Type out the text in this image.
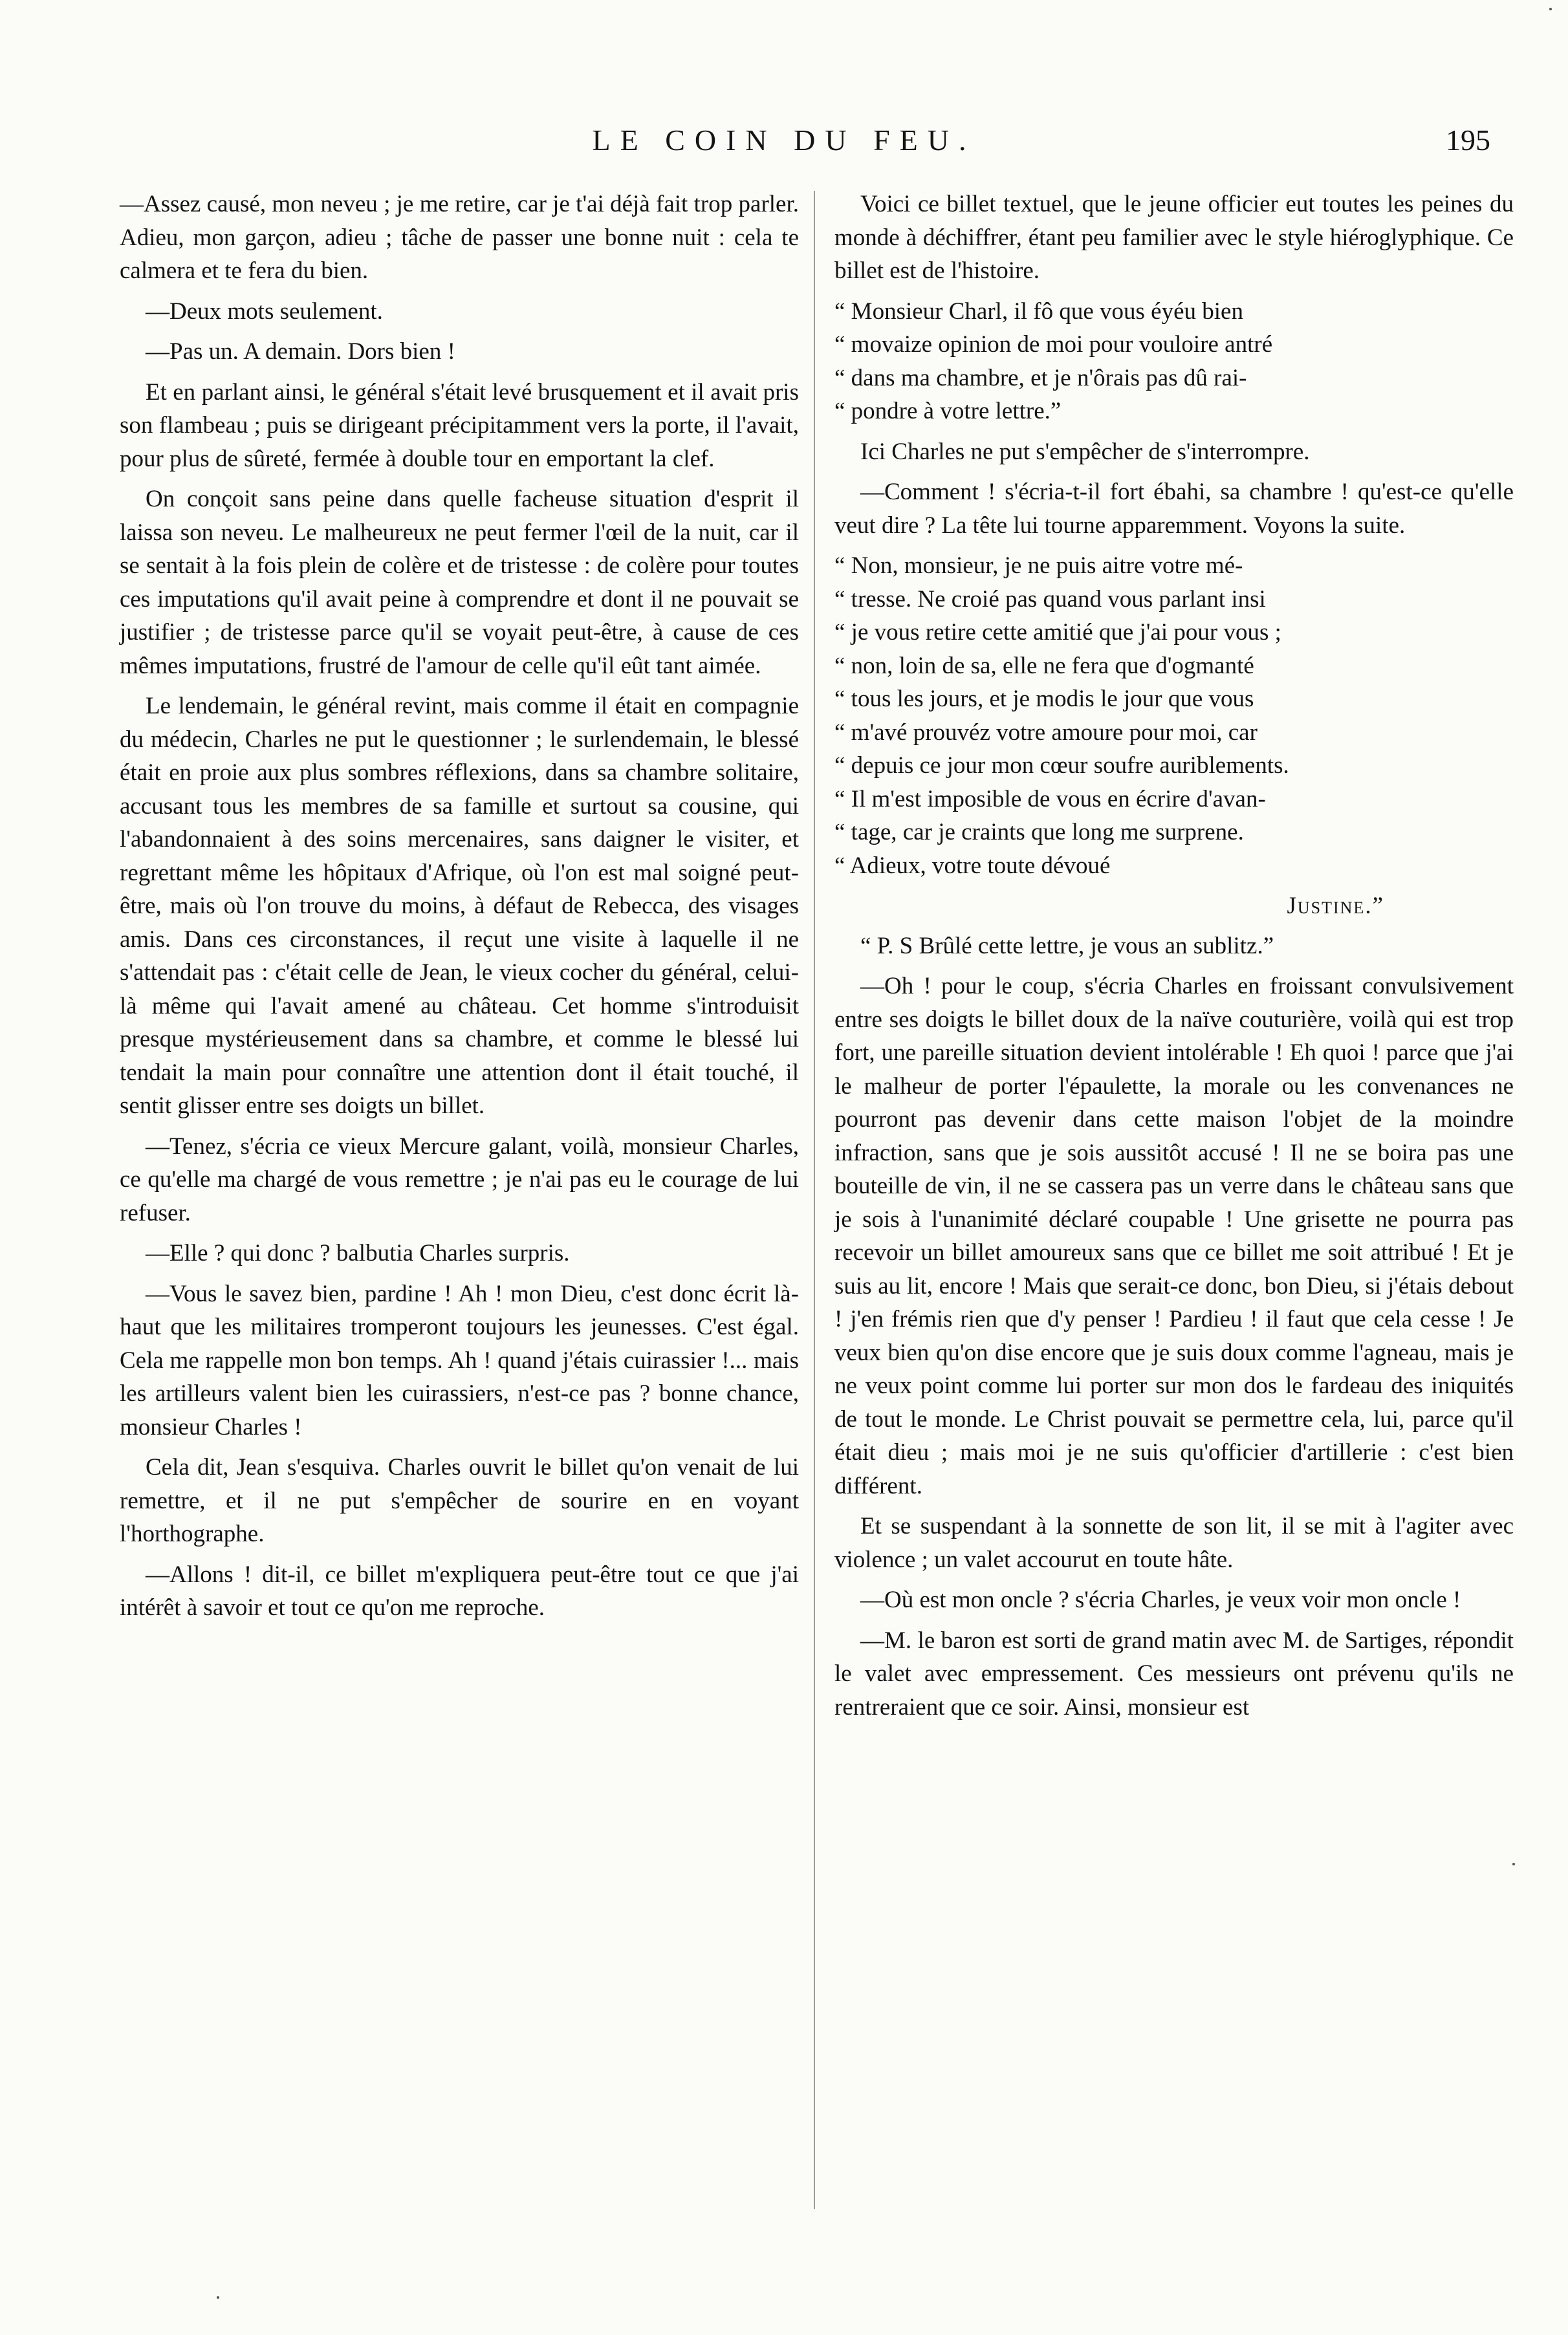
LE COIN DU FEU.	195

—Assez causé, mon neveu ; je me retire, car je t'ai déjà fait trop parler. Adieu, mon garçon, adieu ; tâche de passer une bonne nuit : cela te calmera et te fera du bien.

—Deux mots seulement.

—Pas un. A demain. Dors bien !

Et en parlant ainsi, le général s'était levé brusquement et il avait pris son flambeau ; puis se dirigeant précipitamment vers la porte, il l'avait, pour plus de sûreté, fermée à double tour en emportant la clef.

On conçoit sans peine dans quelle facheuse situation d'esprit il laissa son neveu. Le malheureux ne peut fermer l'œil de la nuit, car il se sentait à la fois plein de colère et de tristesse : de colère pour toutes ces imputations qu'il avait peine à comprendre et dont il ne pouvait se justifier ; de tristesse parce qu'il se voyait peut-être, à cause de ces mêmes imputations, frustré de l'amour de celle qu'il eût tant aimée.

Le lendemain, le général revint, mais comme il était en compagnie du médecin, Charles ne put le questionner ; le surlendemain, le blessé était en proie aux plus sombres réflexions, dans sa chambre solitaire, accusant tous les membres de sa famille et surtout sa cousine, qui l'abandonnaient à des soins mercenaires, sans daigner le visiter, et regrettant même les hôpitaux d'Afrique, où l'on est mal soigné peut-être, mais où l'on trouve du moins, à défaut de Rebecca, des visages amis. Dans ces circonstances, il reçut une visite à laquelle il ne s'attendait pas : c'était celle de Jean, le vieux cocher du général, celui-là même qui l'avait amené au château. Cet homme s'introduisit presque mystérieusement dans sa chambre, et comme le blessé lui tendait la main pour connaître une attention dont il était touché, il sentit glisser entre ses doigts un billet.

—Tenez, s'écria ce vieux Mercure galant, voilà, monsieur Charles, ce qu'elle ma chargé de vous remettre ; je n'ai pas eu le courage de lui refuser.

—Elle ? qui donc ? balbutia Charles surpris.

—Vous le savez bien, pardine ! Ah ! mon Dieu, c'est donc écrit là-haut que les militaires tromperont toujours les jeunesses. C'est égal. Cela me rappelle mon bon temps. Ah ! quand j'étais cuirassier !... mais les artilleurs valent bien les cuirassiers, n'est-ce pas ? bonne chance, monsieur Charles !

Cela dit, Jean s'esquiva. Charles ouvrit le billet qu'on venait de lui remettre, et il ne put s'empêcher de sourire en en voyant l'horthographe.

—Allons ! dit-il, ce billet m'expliquera peut-être tout ce que j'ai intérêt à savoir et tout ce qu'on me reproche.

Voici ce billet textuel, que le jeune officier eut toutes les peines du monde à déchiffrer, étant peu familier avec le style hiéroglyphique. Ce billet est de l'histoire.

“ Monsieur Charl, il fô que vous éyéu bien
“ movaize opinion de moi pour vouloire antré
“ dans ma chambre, et je n'ôrais pas dû rai-
“ pondre à votre lettre.”

Ici Charles ne put s'empêcher de s'interrompre.

—Comment ! s'écria-t-il fort ébahi, sa chambre ! qu'est-ce qu'elle veut dire ? La tête lui tourne apparemment. Voyons la suite.

“ Non, monsieur, je ne puis aitre votre mé-
“ tresse. Ne croié pas quand vous parlant insi
“ je vous retire cette amitié que j'ai pour vous ;
“ non, loin de sa, elle ne fera que d'ogmanté
“ tous les jours, et je modis le jour que vous
“ m'avé prouvéz votre amoure pour moi, car
“ depuis ce jour mon cœur soufre auriblements.
“ Il m'est imposible de vous en écrire d'avan-
“ tage, car je craints que long me surprene.
“ Adieux, votre toute dévoué
Justine.”

“ P. S Brûlé cette lettre, je vous an sublitz.”

—Oh ! pour le coup, s'écria Charles en froissant convulsivement entre ses doigts le billet doux de la naïve couturière, voilà qui est trop fort, une pareille situation devient intolérable ! Eh quoi ! parce que j'ai le malheur de porter l'épaulette, la morale ou les convenances ne pourront pas devenir dans cette maison l'objet de la moindre infraction, sans que je sois aussitôt accusé ! Il ne se boira pas une bouteille de vin, il ne se cassera pas un verre dans le château sans que je sois à l'unanimité déclaré coupable ! Une grisette ne pourra pas recevoir un billet amoureux sans que ce billet me soit attribué ! Et je suis au lit, encore ! Mais que serait-ce donc, bon Dieu, si j'étais debout ! j'en frémis rien que d'y penser ! Pardieu ! il faut que cela cesse ! Je veux bien qu'on dise encore que je suis doux comme l'agneau, mais je ne veux point comme lui porter sur mon dos le fardeau des iniquités de tout le monde. Le Christ pouvait se permettre cela, lui, parce qu'il était dieu ; mais moi je ne suis qu'officier d'artillerie : c'est bien différent.

Et se suspendant à la sonnette de son lit, il se mit à l'agiter avec violence ; un valet accourut en toute hâte.

—Où est mon oncle ? s'écria Charles, je veux voir mon oncle !

—M. le baron est sorti de grand matin avec M. de Sartiges, répondit le valet avec empressement. Ces messieurs ont prévenu qu'ils ne rentreraient que ce soir. Ainsi, monsieur est
